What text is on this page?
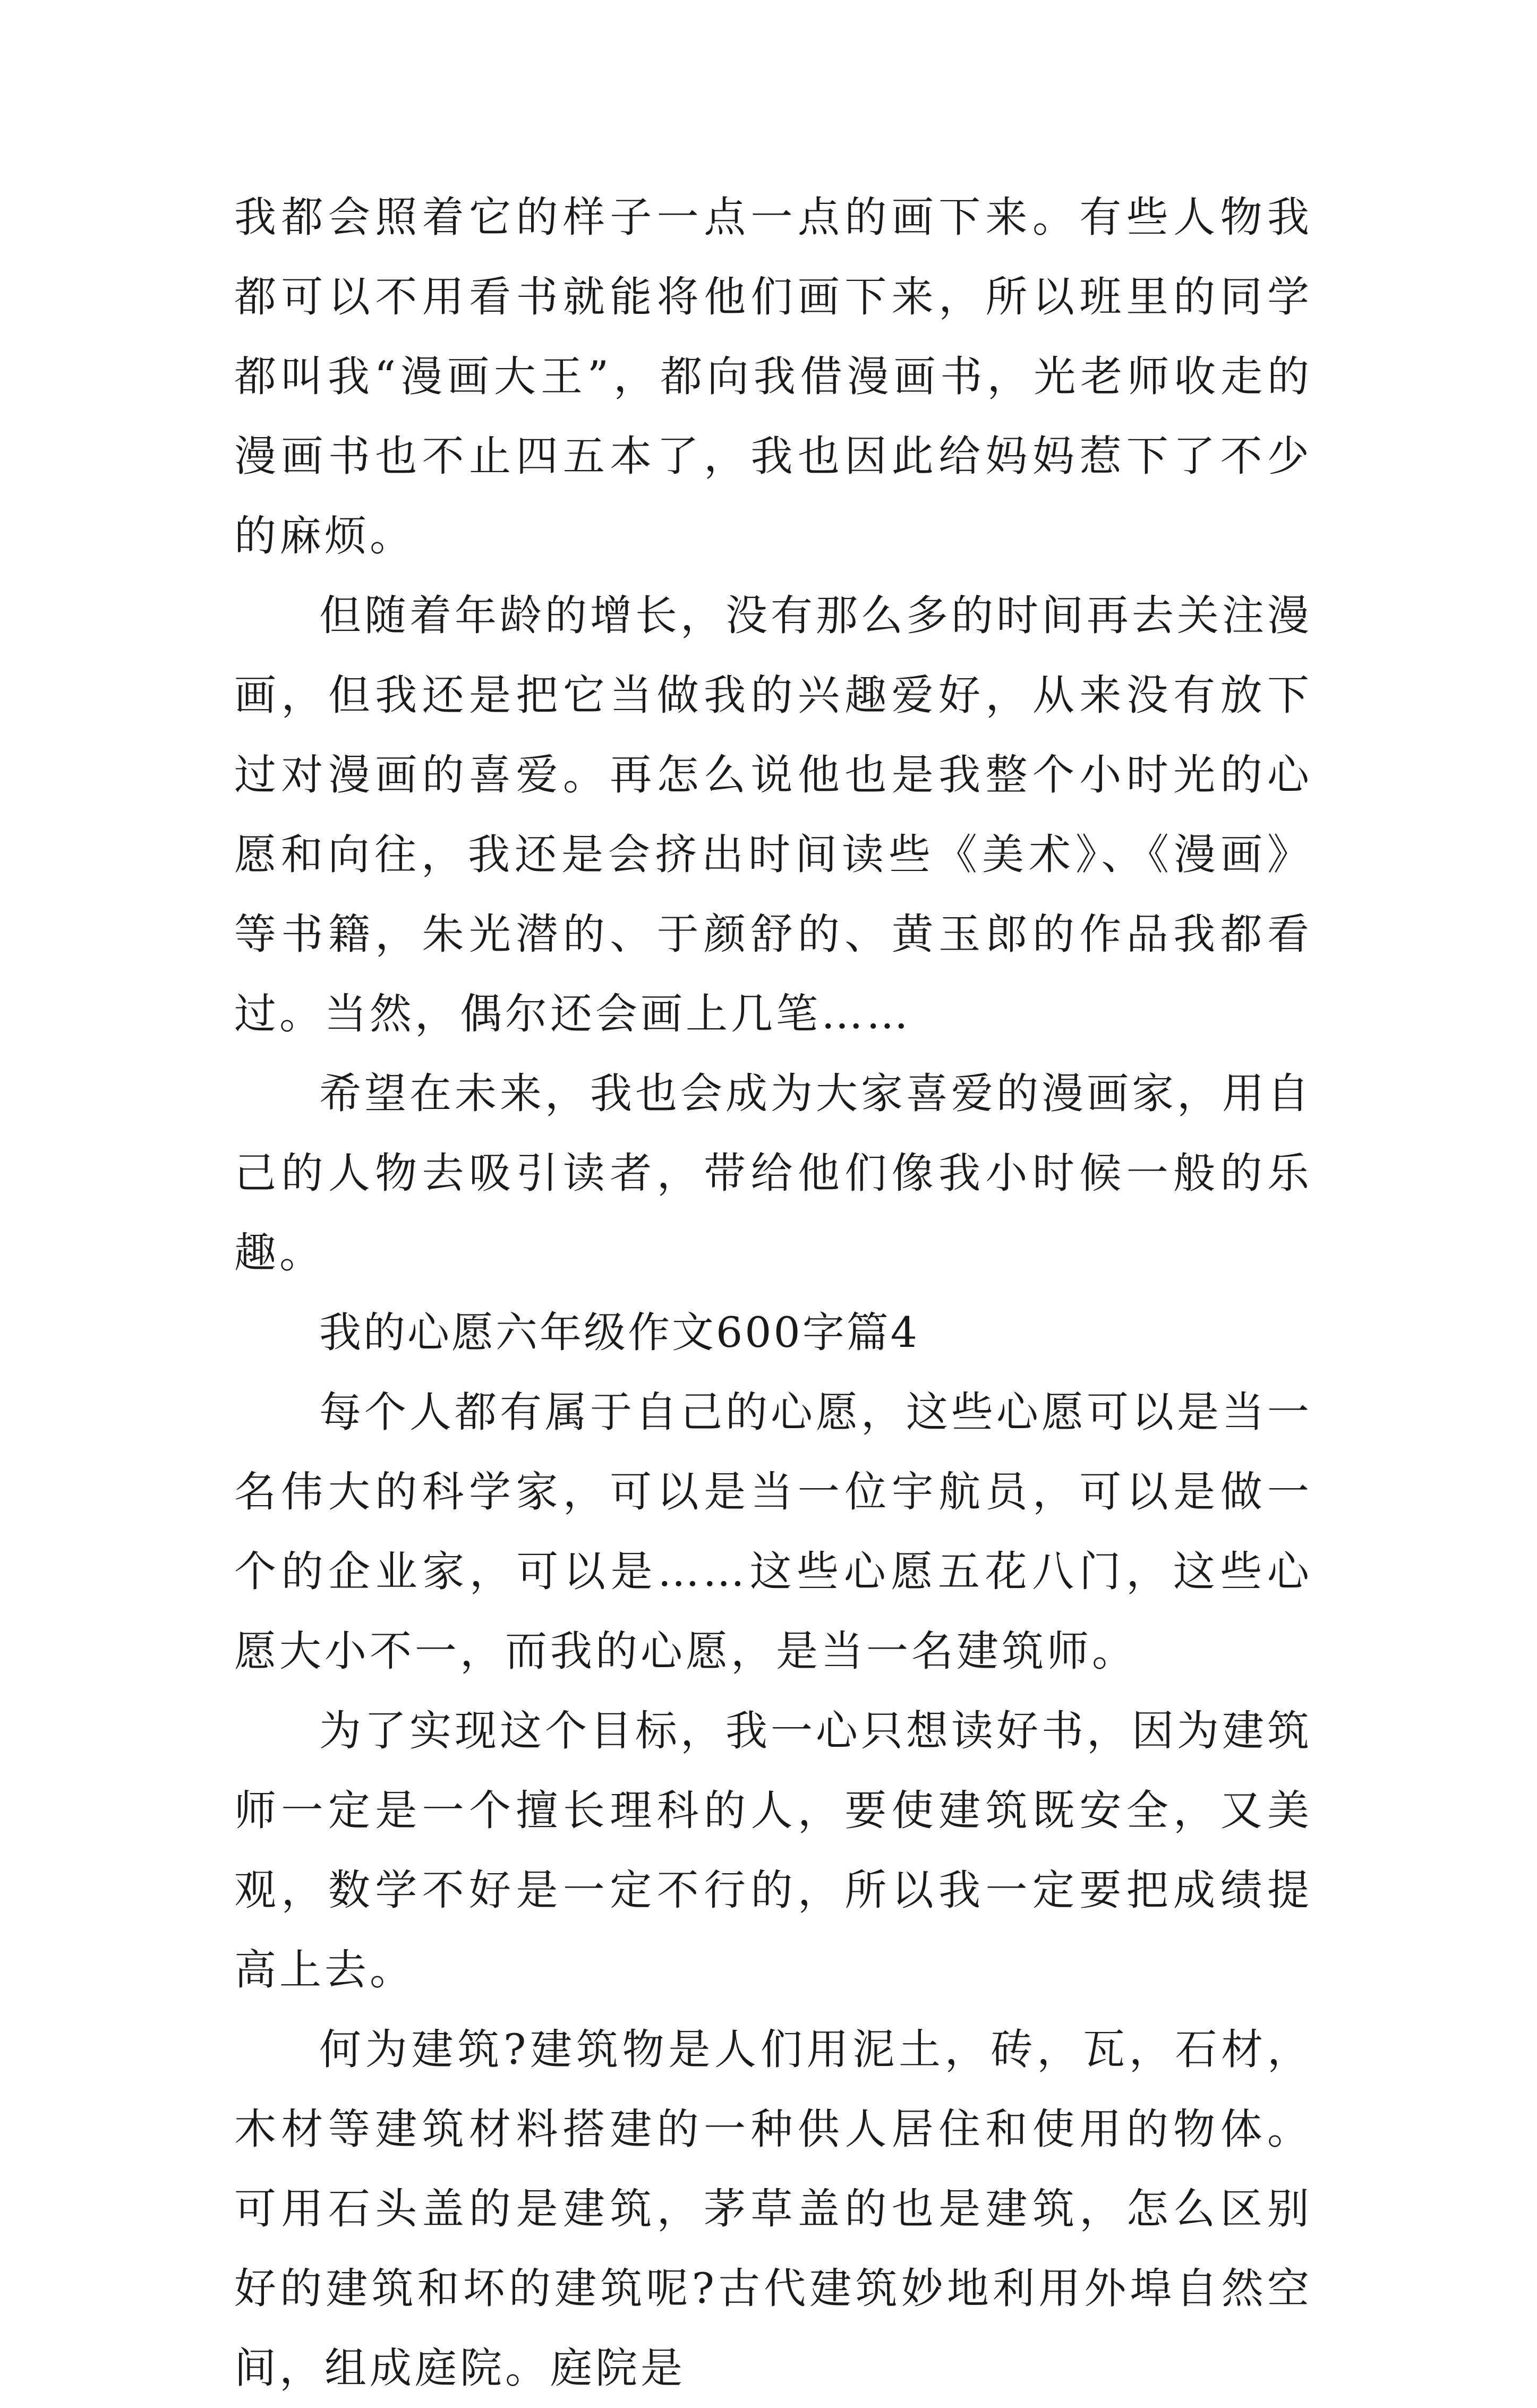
我都会照着它的样子一点一点的画下来。有些人物我都可以不用看书就能将他们画下来，所以班里的同学都叫我“漫画大王”，都向我借漫画书，光老师收走的漫画书也不止四五本了，我也因此给妈妈惹下了不少的麻烦。

但随着年龄的增长，没有那么多的时间再去关注漫画，但我还是把它当做我的兴趣爱好，从来没有放下过对漫画的喜爱。再怎么说他也是我整个小时光的心愿和向往，我还是会挤出时间读些《美术》、《漫画》等书籍，朱光潜的、于颜舒的、黄玉郎的作品我都看过。当然，偶尔还会画上几笔……

希望在未来，我也会成为大家喜爱的漫画家，用自己的人物去吸引读者，带给他们像我小时候一般的乐趣。

我的心愿六年级作文600字篇4

每个人都有属于自己的心愿，这些心愿可以是当一名伟大的科学家，可以是当一位宇航员，可以是做一个的企业家，可以是……这些心愿五花八门，这些心愿大小不一，而我的心愿，是当一名建筑师。

为了实现这个目标，我一心只想读好书，因为建筑师一定是一个擅长理科的人，要使建筑既安全，又美观，数学不好是一定不行的，所以我一定要把成绩提高上去。

何为建筑?建筑物是人们用泥土，砖，瓦，石材，木材等建筑材料搭建的一种供人居住和使用的物体。可用石头盖的是建筑，茅草盖的也是建筑，怎么区别好的建筑和坏的建筑呢?古代建筑妙地利用外埠自然空间，组成庭院。庭院是
